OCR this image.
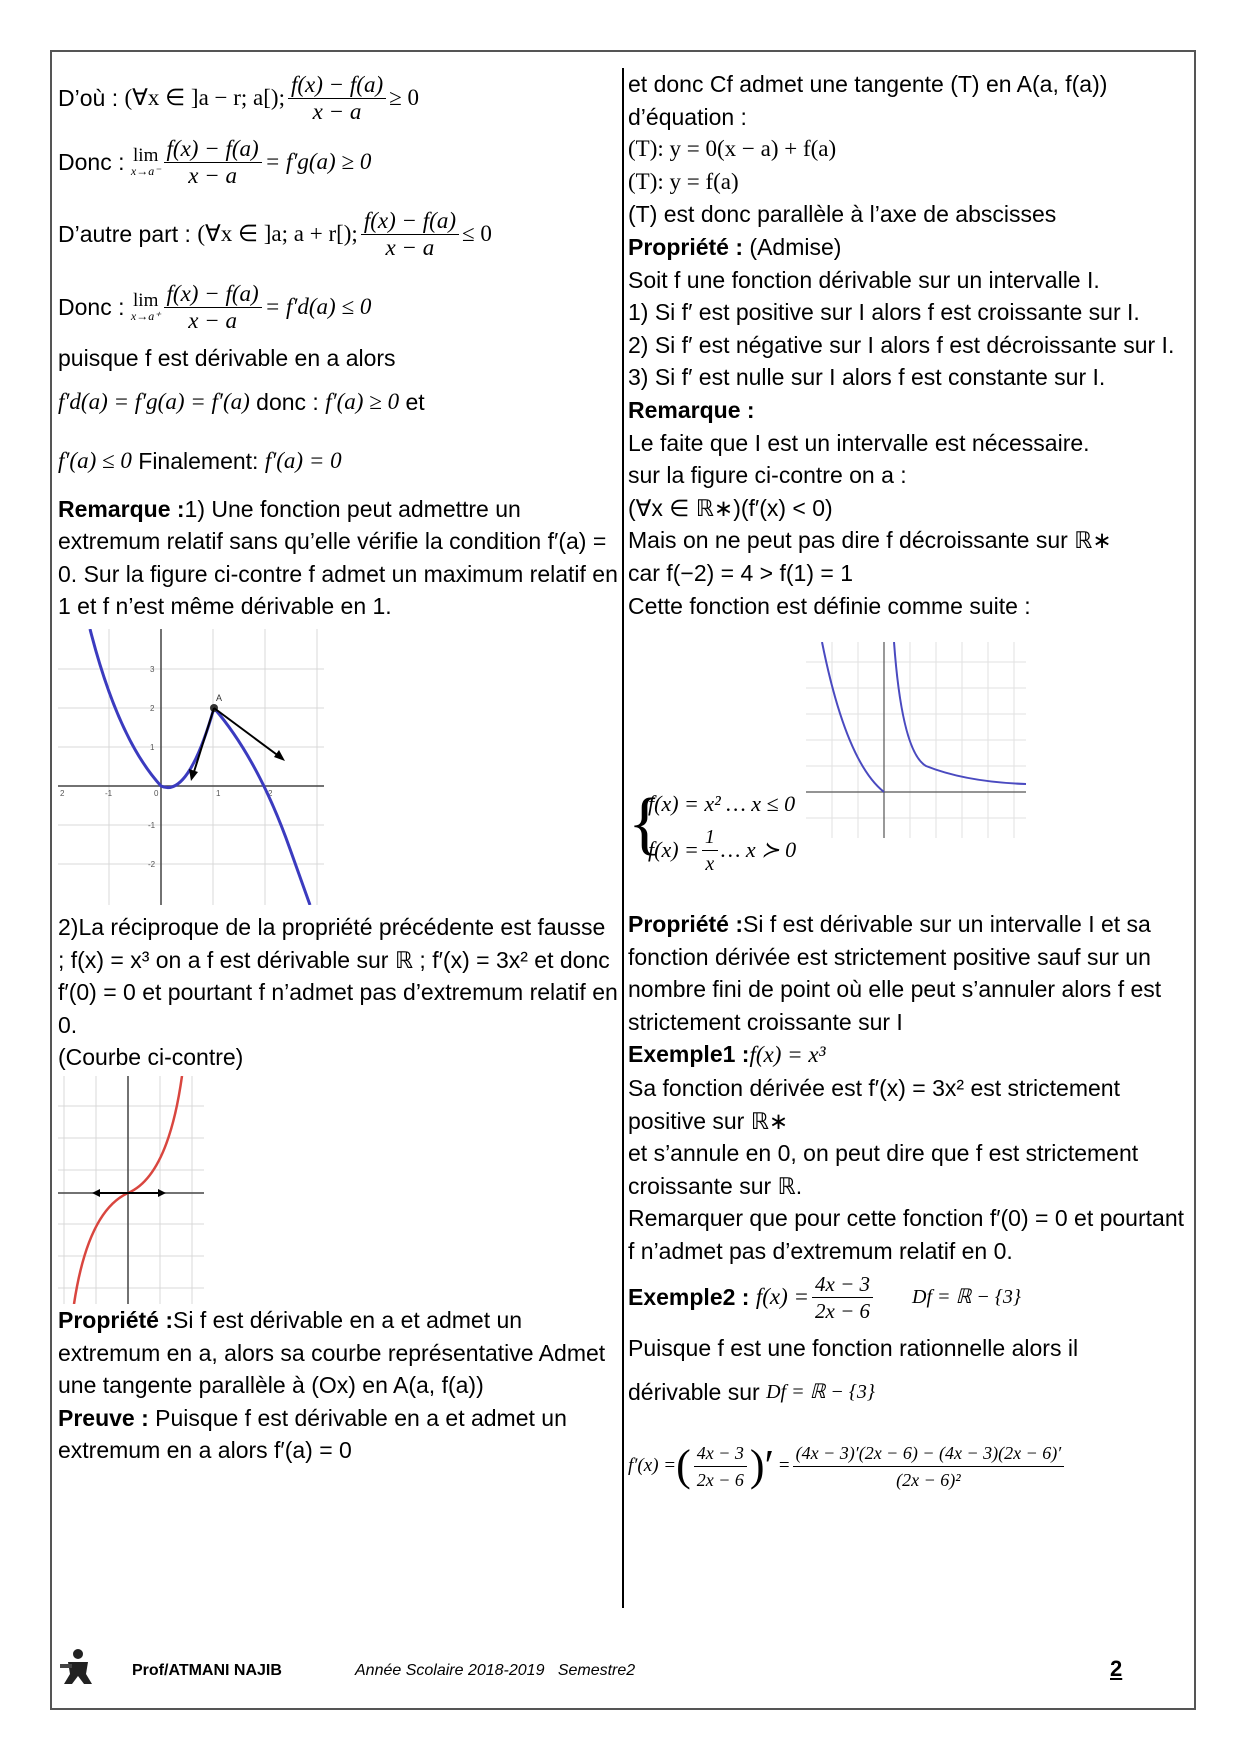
D’où :
(∀x ∈ ]a − r; a[); $\frac{f(x) - f(a)}{x - a} \ge 0$
Donc :
lim
$x\to a^- \frac{f(x) - f(a)}{x - a} = f'g(a) \ge 0$
D’autre part :
(∀x ∈ ]a; a + r[); $\frac{f(x) - f(a)}{x - a} \le 0$
Donc :
lim
$x\to a^+ \frac{f(x) - f(a)}{x - a} = f'd(a) \le 0$

puisque f est dérivable en a alors

f′d(a) = f′g(a) = f′(a) donc : f′(a) ≥ 0 et
f′(a) ≤ 0 Finalement: f′(a) = 0

Remarque :1) Une fonction peut admettre un extremum relatif sans qu’elle vérifie la condition f′(a) = 0. Sur la figure ci-contre f admet un maximum relatif en 1 et f n’est même dérivable en 1.

2	-1	0	1	2
3
2
1
-1
-2
A

2)La réciproque de la propriété précédente est fausse ; f(x) = x³ on a f est dérivable sur ℝ ; f′(x) = 3x² et donc f′(0) = 0 et pourtant f n’admet pas d’extremum relatif en 0.

(Courbe ci-contre)

Propriété :Si f est dérivable en a et admet un extremum en a, alors sa courbe représentative Admet une tangente parallèle à (Ox) en A(a, f(a))

Preuve : Puisque f est dérivable en a et admet un extremum en a alors f′(a) = 0

et donc Cf admet une tangente (T) en A(a, f(a)) d’équation :

(T): y = 0(x − a) + f(a)

(T): y = f(a)

(T) est donc parallèle à l’axe de abscisses

Propriété : (Admise)

Soit f une fonction dérivable sur un intervalle I.

1) Si f′ est positive sur I alors f est croissante sur I.

2) Si f′ est négative sur I alors f est décroissante sur I.

3) Si f′ est nulle sur I alors f est constante sur I.

Remarque :

Le faite que I est un intervalle est nécessaire.

sur la figure ci-contre on a :

(∀x ∈ ℝ∗)(f′(x) < 0)

Mais on ne peut pas dire f décroissante sur ℝ∗

car f(−2) = 4 > f(1) = 1

Cette fonction est définie comme suite :

{
f(x) = x² … x ≤ 0
$f(x) = \frac{1}{x}$ … x ≻ 0

Propriété :Si f est dérivable sur un intervalle I et sa fonction dérivée est strictement positive sauf sur un nombre fini de point où elle peut s’annuler alors f est strictement croissante sur I

Exemple1 :f(x) = x³

Sa fonction dérivée est f′(x) = 3x² est strictement positive sur ℝ∗

et s’annule en 0, on peut dire que f est strictement croissante sur ℝ.

Remarquer que pour cette fonction f′(0) = 0 et pourtant f n’admet pas d’extremum relatif en 0.

Exemple2 :
$f(x) = \frac{4x - 3}{2x - 6}$ Df = ℝ − {3}

Puisque f est une fonction rationnelle alors il

dérivable sur Df = ℝ − {3}
f′(x) = ( $\frac{4x - 3}{2x - 6}$ )′ = $\frac{(4x - 3)'(2x - 6) - (4x - 3)(2x - 6)'}{\text{(2x − 6)²}}$
Prof/ATMANI NAJIB	Année Scolaire 2018-2019   Semestre2	2
